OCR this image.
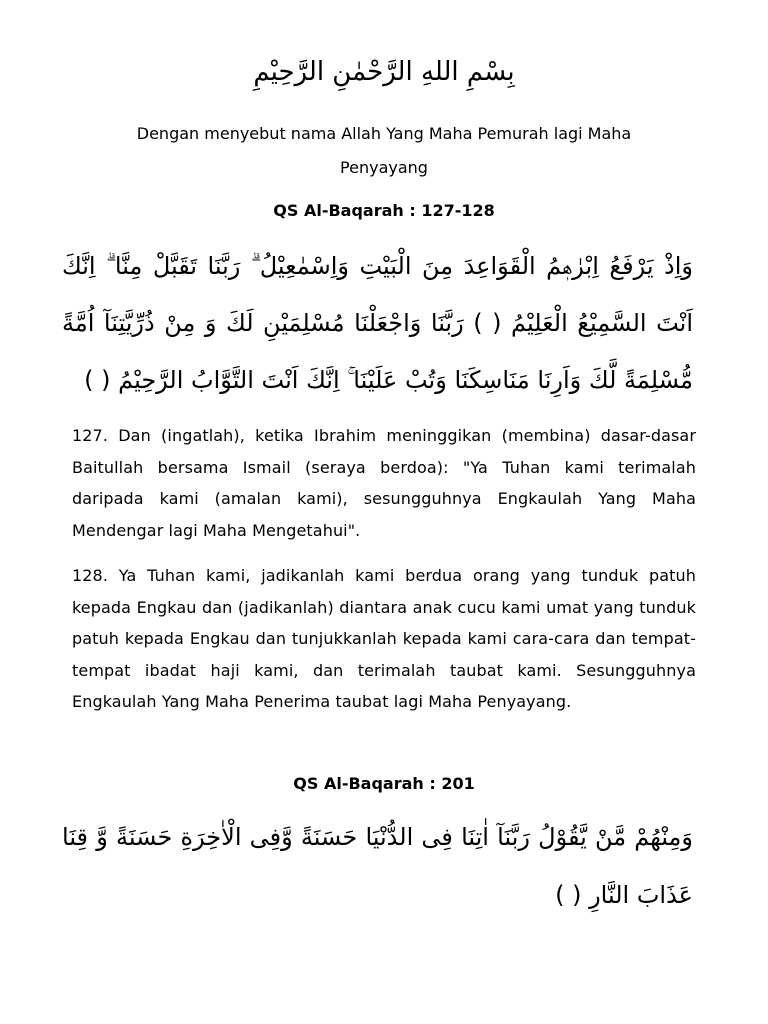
بِسْمِ اللهِ الرَّحْمٰنِ الرَّحِيْمِ
Dengan menyebut nama Allah Yang Maha Pemurah lagi Maha Penyayang
QS Al-Baqarah : 127-128
وَاِذْ يَرْفَعُ اِبْرٰهٖمُ الْقَوَاعِدَ مِنَ الْبَيْتِ وَاِسْمٰعِيْلُ ۗ رَبَّنَا تَقَبَّلْ مِنَّا ۗ اِنَّكَ اَنْتَ السَّمِيْعُ الْعَلِيْمُ ( ) رَبَّنَا وَاجْعَلْنَا مُسْلِمَيْنِ لَكَ وَ مِنْ ذُرِّيَّتِنَآ اُمَّةً مُّسْلِمَةً لَّكَ وَاَرِنَا مَنَاسِكَنَا وَتُبْ عَلَيْنَا ۚ اِنَّكَ اَنْتَ التَّوَّابُ الرَّحِيْمُ ( )
127. Dan (ingatlah), ketika Ibrahim meninggikan (membina) dasar-dasar Baitullah bersama Ismail (seraya berdoa): "Ya Tuhan kami terimalah daripada kami (amalan kami), sesungguhnya Engkaulah Yang Maha Mendengar lagi Maha Mengetahui".
128. Ya Tuhan kami, jadikanlah kami berdua orang yang tunduk patuh kepada Engkau dan (jadikanlah) diantara anak cucu kami umat yang tunduk patuh kepada Engkau dan tunjukkanlah kepada kami cara-cara dan tempat-tempat ibadat haji kami, dan terimalah taubat kami. Sesungguhnya Engkaulah Yang Maha Penerima taubat lagi Maha Penyayang.
QS Al-Baqarah : 201
وَمِنْهُمْ مَّنْ يَّقُوْلُ رَبَّنَآ اٰتِنَا فِى الدُّنْيَا حَسَنَةً وَّفِى الْاٰخِرَةِ حَسَنَةً وَّ قِنَا عَذَابَ النَّارِ ( )
